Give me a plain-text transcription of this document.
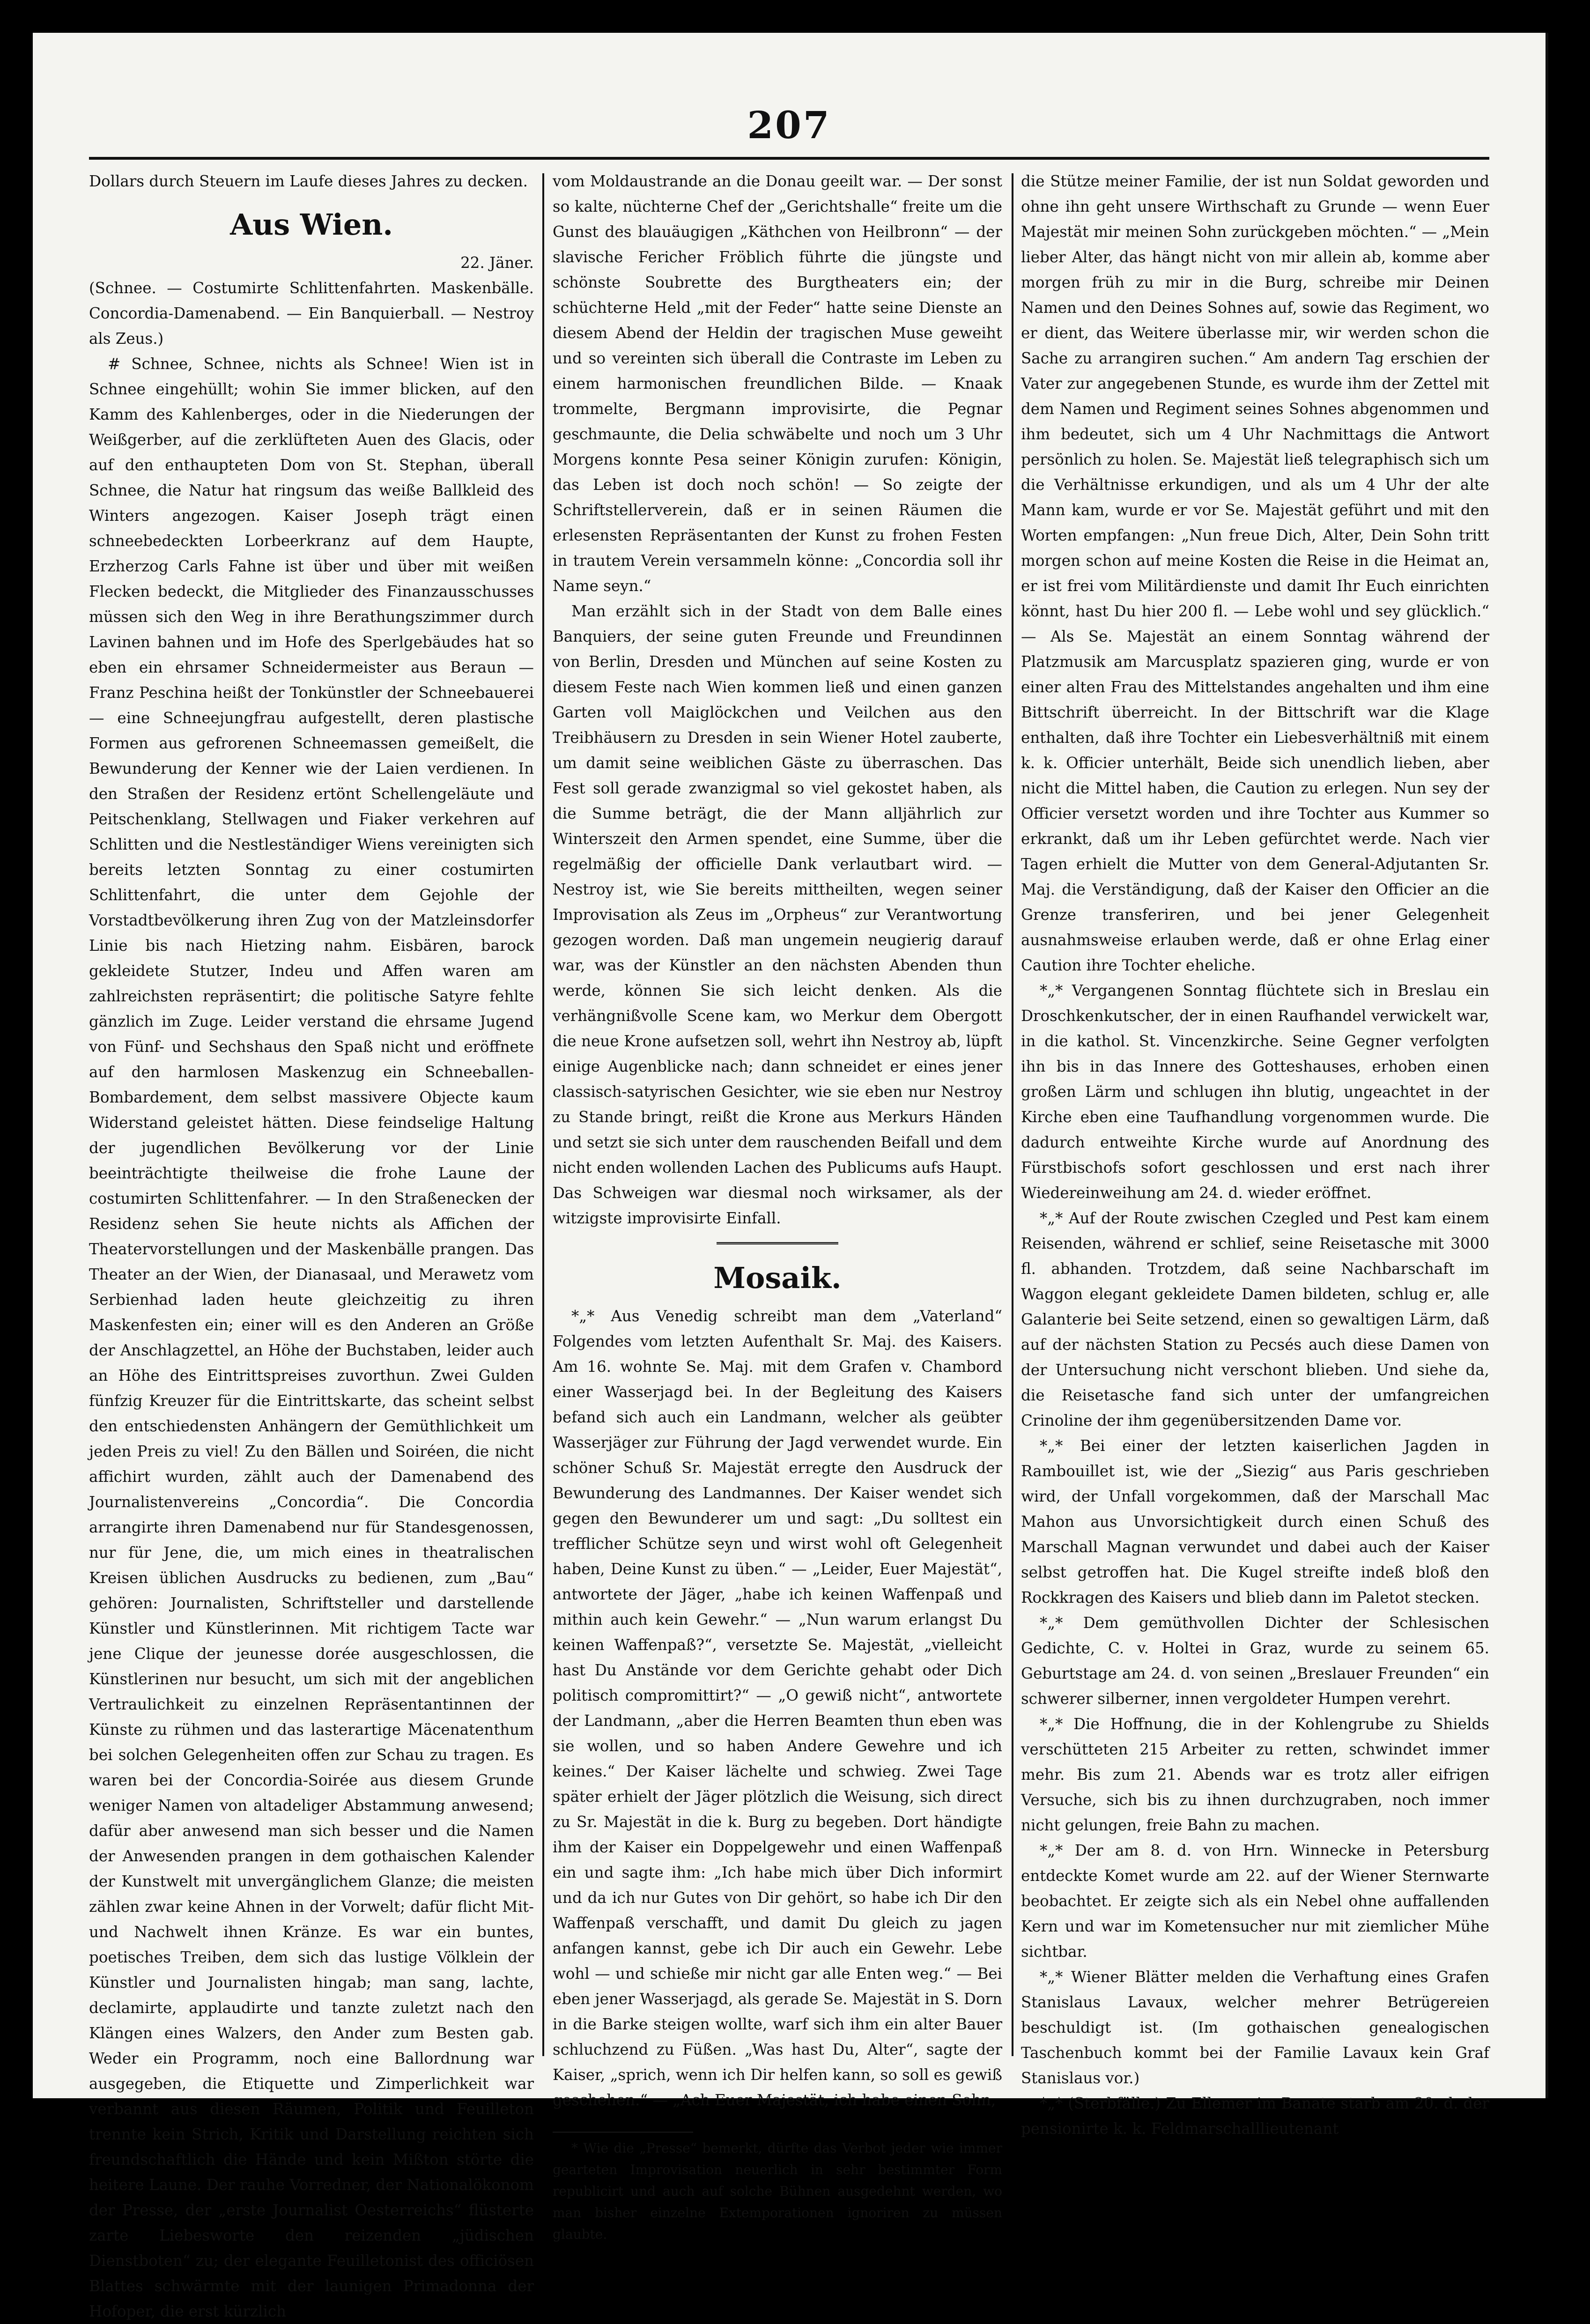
207

Dollars durch Steuern im Laufe dieses Jahres zu decken.

Aus Wien.

22. Jäner.

(Schnee. — Costumirte Schlittenfahrten. Maskenbälle. Concordia-Damenabend. — Ein Banquierball. — Nestroy als Zeus.)

# Schnee, Schnee, nichts als Schnee! Wien ist in Schnee eingehüllt; wohin Sie immer blicken, auf den Kamm des Kahlenberges, oder in die Niederungen der Weißgerber, auf die zerklüfteten Auen des Glacis, oder auf den enthaupteten Dom von St. Stephan, überall Schnee, die Natur hat ringsum das weiße Ballkleid des Winters angezogen. Kaiser Joseph trägt einen schneebedeckten Lorbeerkranz auf dem Haupte, Erzherzog Carls Fahne ist über und über mit weißen Flecken bedeckt, die Mitglieder des Finanzausschusses müssen sich den Weg in ihre Berathungszimmer durch Lavinen bahnen und im Hofe des Sperlgebäudes hat so eben ein ehrsamer Schneidermeister aus Beraun — Franz Peschina heißt der Tonkünstler der Schneebauerei — eine Schneejungfrau aufgestellt, deren plastische Formen aus gefrorenen Schneemassen gemeißelt, die Bewunderung der Kenner wie der Laien verdienen. In den Straßen der Residenz ertönt Schellengeläute und Peitschenklang, Stellwagen und Fiaker verkehren auf Schlitten und die Nestleständiger Wiens vereinigten sich bereits letzten Sonntag zu einer costumirten Schlittenfahrt, die unter dem Gejohle der Vorstadtbevölkerung ihren Zug von der Matzleinsdorfer Linie bis nach Hietzing nahm. Eisbären, barock gekleidete Stutzer, Indeu und Affen waren am zahlreichsten repräsentirt; die politische Satyre fehlte gänzlich im Zuge. Leider verstand die ehrsame Jugend von Fünf- und Sechshaus den Spaß nicht und eröffnete auf den harmlosen Maskenzug ein Schneeballen-Bombardement, dem selbst massivere Objecte kaum Widerstand geleistet hätten. Diese feindselige Haltung der jugendlichen Bevölkerung vor der Linie beeinträchtigte theilweise die frohe Laune der costumirten Schlittenfahrer. — In den Straßenecken der Residenz sehen Sie heute nichts als Affichen der Theatervorstellungen und der Maskenbälle prangen. Das Theater an der Wien, der Dianasaal, und Merawetz vom Serbienhad laden heute gleichzeitig zu ihren Maskenfesten ein; einer will es den Anderen an Größe der Anschlagzettel, an Höhe der Buchstaben, leider auch an Höhe des Eintrittspreises zuvorthun. Zwei Gulden fünfzig Kreuzer für die Eintrittskarte, das scheint selbst den entschiedensten Anhängern der Gemüthlichkeit um jeden Preis zu viel! Zu den Bällen und Soiréen, die nicht affichirt wurden, zählt auch der Damenabend des Journalistenvereins „Concordia“. Die Concordia arrangirte ihren Damenabend nur für Standesgenossen, nur für Jene, die, um mich eines in theatralischen Kreisen üblichen Ausdrucks zu bedienen, zum „Bau“ gehören: Journalisten, Schriftsteller und darstellende Künstler und Künstlerinnen. Mit richtigem Tacte war jene Clique der jeunesse dorée ausgeschlossen, die Künstlerinen nur besucht, um sich mit der angeblichen Vertraulichkeit zu einzelnen Repräsentantinnen der Künste zu rühmen und das lasterartige Mäcenatenthum bei solchen Gelegenheiten offen zur Schau zu tragen. Es waren bei der Concordia-Soirée aus diesem Grunde weniger Namen von altadeliger Abstammung anwesend; dafür aber anwesend man sich besser und die Namen der Anwesenden prangen in dem gothaischen Kalender der Kunstwelt mit unvergänglichem Glanze; die meisten zählen zwar keine Ahnen in der Vorwelt; dafür flicht Mit- und Nachwelt ihnen Kränze. Es war ein buntes, poetisches Treiben, dem sich das lustige Völklein der Künstler und Journalisten hingab; man sang, lachte, declamirte, applaudirte und tanzte zuletzt nach den Klängen eines Walzers, den Ander zum Besten gab. Weder ein Programm, noch eine Ballordnung war ausgegeben, die Etiquette und Zimperlichkeit war verbannt aus diesen Räumen, Politik und Feuilleton trennte kein Strich, Kritik und Darstellung reichten sich freundschaftlich die Hände und kein Mißton störte die heitere Laune. Der rauhe Vorredner, der Nationalökonom der Presse, der „erste Journalist Oesterreichs“ flüsterte zarte Liebesworte den reizenden „jüdischen Dienstboten“ zu; der elegante Feuilletonist des officiösen Blattes schwärmte mit der launigen Primadonna der Hofoper, die erst kürzlich

vom Moldaustrande an die Donau geeilt war. — Der sonst so kalte, nüchterne Chef der „Gerichtshalle“ freite um die Gunst des blauäugigen „Käthchen von Heilbronn“ — der slavische Fericher Fröblich führte die jüngste und schönste Soubrette des Burgtheaters ein; der schüchterne Held „mit der Feder“ hatte seine Dienste an diesem Abend der Heldin der tragischen Muse geweiht und so vereinten sich überall die Contraste im Leben zu einem harmonischen freundlichen Bilde. — Knaak trommelte, Bergmann improvisirte, die Pegnar geschmaunte, die Delia schwäbelte und noch um 3 Uhr Morgens konnte Pesa seiner Königin zurufen: Königin, das Leben ist doch noch schön! — So zeigte der Schriftstellerverein, daß er in seinen Räumen die erlesensten Repräsentanten der Kunst zu frohen Festen in trautem Verein versammeln könne: „Concordia soll ihr Name seyn.“

Man erzählt sich in der Stadt von dem Balle eines Banquiers, der seine guten Freunde und Freundinnen von Berlin, Dresden und München auf seine Kosten zu diesem Feste nach Wien kommen ließ und einen ganzen Garten voll Maiglöckchen und Veilchen aus den Treibhäusern zu Dresden in sein Wiener Hotel zauberte, um damit seine weiblichen Gäste zu überraschen. Das Fest soll gerade zwanzigmal so viel gekostet haben, als die Summe beträgt, die der Mann alljährlich zur Winterszeit den Armen spendet, eine Summe, über die regelmäßig der officielle Dank verlautbart wird. — Nestroy ist, wie Sie bereits mittheilten, wegen seiner Improvisation als Zeus im „Orpheus“ zur Verantwortung gezogen worden. Daß man ungemein neugierig darauf war, was der Künstler an den nächsten Abenden thun werde, können Sie sich leicht denken. Als die verhängnißvolle Scene kam, wo Merkur dem Obergott die neue Krone aufsetzen soll, wehrt ihn Nestroy ab, lüpft einige Augenblicke nach; dann schneidet er eines jener classisch-satyrischen Gesichter, wie sie eben nur Nestroy zu Stande bringt, reißt die Krone aus Merkurs Händen und setzt sie sich unter dem rauschenden Beifall und dem nicht enden wollenden Lachen des Publicums aufs Haupt. Das Schweigen war diesmal noch wirksamer, als der witzigste improvisirte Einfall.

Mosaik.

*„* Aus Venedig schreibt man dem „Vaterland“ Folgendes vom letzten Aufenthalt Sr. Maj. des Kaisers. Am 16. wohnte Se. Maj. mit dem Grafen v. Chambord einer Wasserjagd bei. In der Begleitung des Kaisers befand sich auch ein Landmann, welcher als geübter Wasserjäger zur Führung der Jagd verwendet wurde. Ein schöner Schuß Sr. Majestät erregte den Ausdruck der Bewunderung des Landmannes. Der Kaiser wendet sich gegen den Bewunderer um und sagt: „Du solltest ein trefflicher Schütze seyn und wirst wohl oft Gelegenheit haben, Deine Kunst zu üben.“ — „Leider, Euer Majestät“, antwortete der Jäger, „habe ich keinen Waffenpaß und mithin auch kein Gewehr.“ — „Nun warum erlangst Du keinen Waffenpaß?“, versetzte Se. Majestät, „vielleicht hast Du Anstände vor dem Gerichte gehabt oder Dich politisch compromittirt?“ — „O gewiß nicht“, antwortete der Landmann, „aber die Herren Beamten thun eben was sie wollen, und so haben Andere Gewehre und ich keines.“ Der Kaiser lächelte und schwieg. Zwei Tage später erhielt der Jäger plötzlich die Weisung, sich direct zu Sr. Majestät in die k. Burg zu begeben. Dort händigte ihm der Kaiser ein Doppelgewehr und einen Waffenpaß ein und sagte ihm: „Ich habe mich über Dich informirt und da ich nur Gutes von Dir gehört, so habe ich Dir den Waffenpaß verschafft, und damit Du gleich zu jagen anfangen kannst, gebe ich Dir auch ein Gewehr. Lebe wohl — und schieße mir nicht gar alle Enten weg.“ — Bei eben jener Wasserjagd, als gerade Se. Majestät in S. Dorn in die Barke steigen wollte, warf sich ihm ein alter Bauer schluchzend zu Füßen. „Was hast Du, Alter“, sagte der Kaiser, „sprich, wenn ich Dir helfen kann, so soll es gewiß geschehen.“ — „Ach Euer Majestät, ich habe einen Sohn,

* Wie die „Presse“ bemerkt, dürfte das Verbot jeder wie immer gearteten Improvisation neuerlich in sehr bestimmter Form republicirt und auch auf solche Bühnen ausgedehnt werden, wo man bisher einzelne Extemporationen ignoriren zu müssen glaubte.

die Stütze meiner Familie, der ist nun Soldat geworden und ohne ihn geht unsere Wirthschaft zu Grunde — wenn Euer Majestät mir meinen Sohn zurückgeben möchten.“ — „Mein lieber Alter, das hängt nicht von mir allein ab, komme aber morgen früh zu mir in die Burg, schreibe mir Deinen Namen und den Deines Sohnes auf, sowie das Regiment, wo er dient, das Weitere überlasse mir, wir werden schon die Sache zu arrangiren suchen.“ Am andern Tag erschien der Vater zur angegebenen Stunde, es wurde ihm der Zettel mit dem Namen und Regiment seines Sohnes abgenommen und ihm bedeutet, sich um 4 Uhr Nachmittags die Antwort persönlich zu holen. Se. Majestät ließ telegraphisch sich um die Verhältnisse erkundigen, und als um 4 Uhr der alte Mann kam, wurde er vor Se. Majestät geführt und mit den Worten empfangen: „Nun freue Dich, Alter, Dein Sohn tritt morgen schon auf meine Kosten die Reise in die Heimat an, er ist frei vom Militärdienste und damit Ihr Euch einrichten könnt, hast Du hier 200 fl. — Lebe wohl und sey glücklich.“ — Als Se. Majestät an einem Sonntag während der Platzmusik am Marcusplatz spazieren ging, wurde er von einer alten Frau des Mittelstandes angehalten und ihm eine Bittschrift überreicht. In der Bittschrift war die Klage enthalten, daß ihre Tochter ein Liebesverhältniß mit einem k. k. Officier unterhält, Beide sich unendlich lieben, aber nicht die Mittel haben, die Caution zu erlegen. Nun sey der Officier versetzt worden und ihre Tochter aus Kummer so erkrankt, daß um ihr Leben gefürchtet werde. Nach vier Tagen erhielt die Mutter von dem General-Adjutanten Sr. Maj. die Verständigung, daß der Kaiser den Officier an die Grenze transferiren, und bei jener Gelegenheit ausnahmsweise erlauben werde, daß er ohne Erlag einer Caution ihre Tochter eheliche.

*„* Vergangenen Sonntag flüchtete sich in Breslau ein Droschkenkutscher, der in einen Raufhandel verwickelt war, in die kathol. St. Vincenzkirche. Seine Gegner verfolgten ihn bis in das Innere des Gotteshauses, erhoben einen großen Lärm und schlugen ihn blutig, ungeachtet in der Kirche eben eine Taufhandlung vorgenommen wurde. Die dadurch entweihte Kirche wurde auf Anordnung des Fürstbischofs sofort geschlossen und erst nach ihrer Wiedereinweihung am 24. d. wieder eröffnet.

*„* Auf der Route zwischen Czegled und Pest kam einem Reisenden, während er schlief, seine Reisetasche mit 3000 fl. abhanden. Trotzdem, daß seine Nachbarschaft im Waggon elegant gekleidete Damen bildeten, schlug er, alle Galanterie bei Seite setzend, einen so gewaltigen Lärm, daß auf der nächsten Station zu Pecsés auch diese Damen von der Untersuchung nicht verschont blieben. Und siehe da, die Reisetasche fand sich unter der umfangreichen Crinoline der ihm gegenübersitzenden Dame vor.

*„* Bei einer der letzten kaiserlichen Jagden in Rambouillet ist, wie der „Siezig“ aus Paris geschrieben wird, der Unfall vorgekommen, daß der Marschall Mac Mahon aus Unvorsichtigkeit durch einen Schuß des Marschall Magnan verwundet und dabei auch der Kaiser selbst getroffen hat. Die Kugel streifte indeß bloß den Rockkragen des Kaisers und blieb dann im Paletot stecken.

*„* Dem gemüthvollen Dichter der Schlesischen Gedichte, C. v. Holtei in Graz, wurde zu seinem 65. Geburtstage am 24. d. von seinen „Breslauer Freunden“ ein schwerer silberner, innen vergoldeter Humpen verehrt.

*„* Die Hoffnung, die in der Kohlengrube zu Shields verschütteten 215 Arbeiter zu retten, schwindet immer mehr. Bis zum 21. Abends war es trotz aller eifrigen Versuche, sich bis zu ihnen durchzugraben, noch immer nicht gelungen, freie Bahn zu machen.

*„* Der am 8. d. von Hrn. Winnecke in Petersburg entdeckte Komet wurde am 22. auf der Wiener Sternwarte beobachtet. Er zeigte sich als ein Nebel ohne auffallenden Kern und war im Kometensucher nur mit ziemlicher Mühe sichtbar.

*„* Wiener Blätter melden die Verhaftung eines Grafen Stanislaus Lavaux, welcher mehrer Betrügereien beschuldigt ist. (Im gothaischen genealogischen Taschenbuch kommt bei der Familie Lavaux kein Graf Stanislaus vor.)

*„* (Sterbfälle.) Zu Ellemer im Banate starb am 20. d. der pensionirte k. k. Feldmarschalllieutenant
